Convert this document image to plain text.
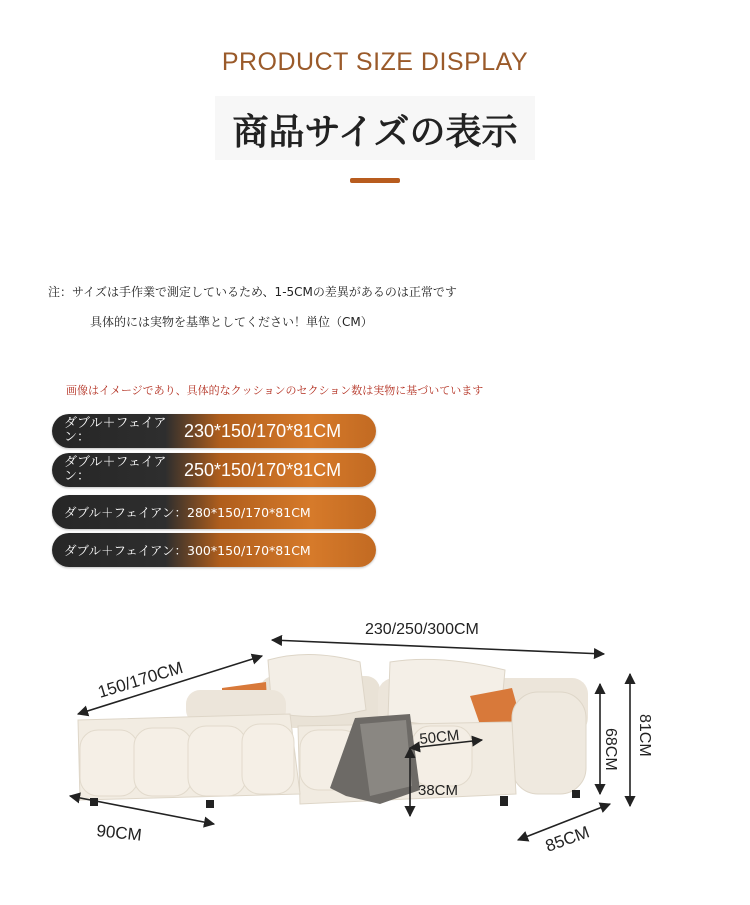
PRODUCT SIZE DISPLAY
商品サイズの表示
注：サイズは手作業で測定しているため、1-5CMの差異があるのは正常です
具体的には実物を基準としてください！単位（CM）
画像はイメージであり、具体的なクッションのセクション数は実物に基づいています
ダブル＋フェイアン：	230*150/170*81CM
ダブル＋フェイアン：	250*150/170*81CM
ダブル＋フェイアン： 280*150/170*81CM
ダブル＋フェイアン： 300*150/170*81CM
230/250/300CM
150/170CM
90CM	85CM
50CM
38CM
68CM 81CM
